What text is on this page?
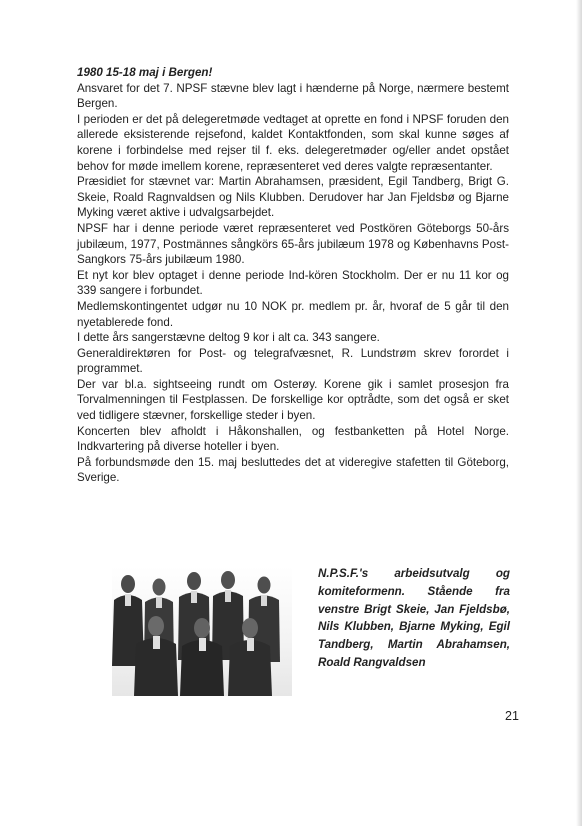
1980 15-18 maj i Bergen!

Ansvaret for det 7. NPSF stævne blev lagt i hænderne på Norge, nærmere bestemt Bergen.

I perioden er det på delegeretmøde vedtaget at oprette en fond i NPSF foruden den allerede eksisterende rejsefond, kaldet Kontaktfonden, som skal kunne søges af korene i forbindelse med rejser til f. eks. delegeretmøder og/eller andet opstået behov for møde imellem korene, repræsenteret ved deres valgte repræsentanter.

Præsidiet for stævnet var: Martin Abrahamsen, præsident, Egil Tandberg, Brigt G. Skeie, Roald Ragnvaldsen og Nils Klubben. Derudover har Jan Fjeldsbø og Bjarne Myking været aktive i udvalgsarbejdet.

NPSF har i denne periode været repræsenteret ved Postkören Göteborgs 50-års jubilæum, 1977, Postmännes sångkörs 65-års jubilæum 1978 og Københavns Post-Sangkors 75-års jubilæum 1980.

Et nyt kor blev optaget i denne periode Ind-kören Stockholm. Der er nu 11 kor og 339 sangere i forbundet.

Medlemskontingentet udgør nu 10 NOK pr. medlem pr. år, hvoraf de 5 går til den nyetablerede fond.

I dette års sangerstævne deltog 9 kor i alt ca. 343 sangere.

Generaldirektøren for Post- og telegrafvæsnet, R. Lundstrøm skrev forordet i programmet.

Der var bl.a. sightseeing rundt om Osterøy. Korene gik i samlet prosesjon fra Torvalmenningen til Festplassen. De forskellige kor optrådte, som det også er sket ved tidligere stævner, forskellige steder i byen.

Koncerten blev afholdt i Håkonshallen, og festbanketten på Hotel Norge. Indkvartering på diverse hoteller i byen.

På forbundsmøde den 15. maj besluttedes det at videregive stafetten til Göteborg, Sverige.

N.P.S.F.'s arbeidsutvalg og komiteformenn. Stående fra venstre Brigt Skeie, Jan Fjeldsbø, Nils Klubben, Bjarne Myking, Egil Tandberg, Martin Abrahamsen, Roald Rangvaldsen
21
